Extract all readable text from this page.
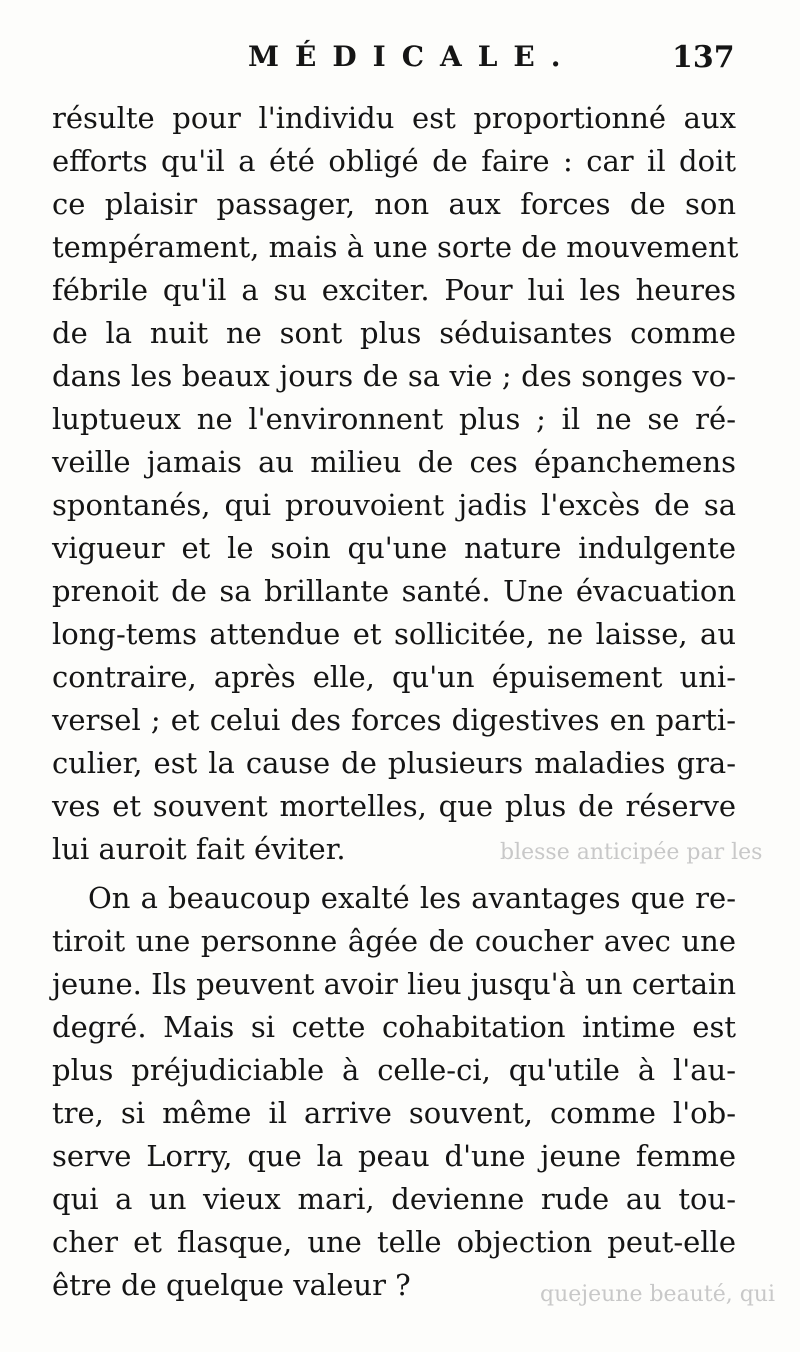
MÉDICALE.	137
résulte pour l'individu est proportionné aux
efforts qu'il a été obligé de faire : car il doit
ce plaisir passager, non aux forces de son
tempérament, mais à une sorte de mouvement
fébrile qu'il a su exciter. Pour lui les heures
de la nuit ne sont plus séduisantes comme
dans les beaux jours de sa vie ; des songes vo-
luptueux ne l'environnent plus ; il ne se ré-
veille jamais au milieu de ces épanchemens
spontanés, qui prouvoient jadis l'excès de sa
vigueur et le soin qu'une nature indulgente
prenoit de sa brillante santé. Une évacuation
long-tems attendue et sollicitée, ne laisse, au
contraire, après elle, qu'un épuisement uni-
versel ; et celui des forces digestives en parti-
culier, est la cause de plusieurs maladies gra-
ves et souvent mortelles, que plus de réserve
lui auroit fait éviter.
On a beaucoup exalté les avantages que re-
tiroit une personne âgée de coucher avec une
jeune. Ils peuvent avoir lieu jusqu'à un certain
degré. Mais si cette cohabitation intime est
plus préjudiciable à celle-ci, qu'utile à l'au-
tre, si même il arrive souvent, comme l'ob-
serve Lorry, que la peau d'une jeune femme
qui a un vieux mari, devienne rude au tou-
cher et flasque, une telle objection peut-elle
être de quelque valeur ?
blesse anticipée par les
quejeune beauté, qui
